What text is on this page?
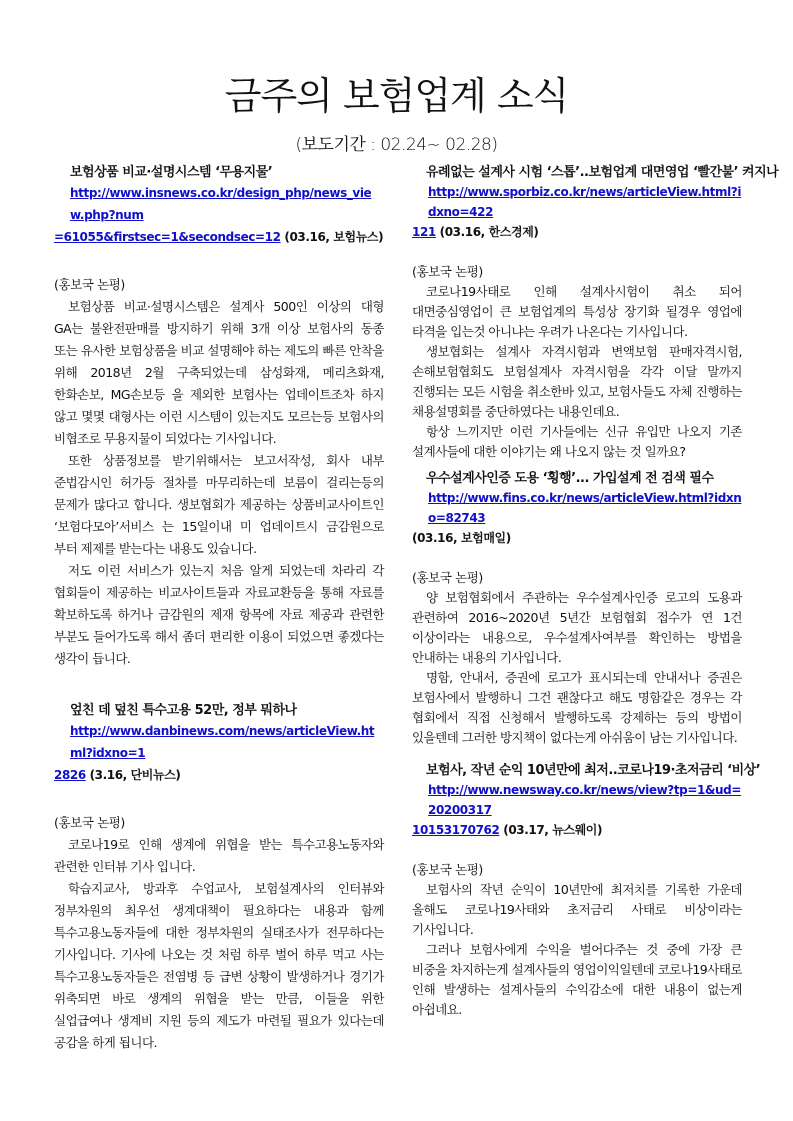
금주의 보험업계 소식
(보도기간 : 02.24~ 02.28)

보험상품 비교·설명시스템 ‘무용지물’

http://www.insnews.co.kr/design_php/news_view.php?num
=61055&firstsec=1&secondsec=12 (03.16, 보험뉴스)

(홍보국 논평)

보험상품 비교·설명시스템은 설계사 500인 이상의 대형 GA는 불완전판매를 방지하기 위해 3개 이상 보험사의 동종 또는 유사한 보험상품을 비교 설명해야 하는 제도의 빠른 안착을 위해 2018년 2월 구축되었는데 삼성화재, 메리츠화재, 한화손보, MG손보등 을 제외한 보험사는 업데이트조차 하지 않고 몇몇 대형사는 이런 시스템이 있는지도 모르는등 보험사의 비협조로 무용지물이 되었다는 기사입니다.

또한 상품정보를 받기위해서는 보고서작성, 회사 내부 준법감시인 허가등 절차를 마무리하는데 보름이 걸리는등의 문제가 많다고 합니다. 생보협회가 제공하는 상품비교사이트인 ‘보험다모아’서비스 는 15일이내 미 업데이트시 금감원으로 부터 제제를 받는다는 내용도 있습니다.

저도 이런 서비스가 있는지 처음 알게 되었는데 차라리 각 협회들이 제공하는 비교사이트들과 자료교환등을 통해 자료를 확보하도록 하거나 금감원의 제재 항목에 자료 제공과 관련한 부분도 들어가도록 해서 좀더 편리한 이용이 되었으면 좋겠다는 생각이 듭니다.

엎친 데 덮친 특수고용 52만, 정부 뭐하나

http://www.danbinews.com/news/articleView.html?idxno=1
2826 (3.16, 단비뉴스)

(홍보국 논평)

코로나19로 인해 생계에 위협을 받는 특수고용노동자와 관련한 인터뷰 기사 입니다.

학습지교사, 방과후 수업교사, 보험설계사의 인터뷰와 정부차원의 최우선 생계대책이 필요하다는 내용과 함께 특수고용노동자들에 대한 정부차원의 실태조사가 전무하다는 기사입니다. 기사에 나오는 것 처럼 하루 벌어 하루 먹고 사는 특수고용노동자들은 전염병 등 급변 상황이 발생하거나 경기가 위축되면 바로 생계의 위협을 받는 만큼, 이들을 위한 실업급여나 생계비 지원 등의 제도가 마련될 필요가 있다는데 공감을 하게 됩니다.

유례없는 설계사 시험 ‘스톱’..보험업계 대면영업 ‘빨간불’ 켜지나

http://www.sporbiz.co.kr/news/articleView.html?idxno=422
121 (03.16, 한스경제)

(홍보국 논평)

코로나19사태로 인해 설계사시험이 취소 되어 대면중심영업이 큰 보험업계의 특성상 장기화 될경우 영업에 타격을 입는것 아니냐는 우려가 나온다는 기사입니다.

생보협회는 설계사 자격시험과 변액보험 판매자격시험, 손해보험협회도 보험설계사 자격시험을 각각 이달 말까지 진행되는 모든 시험을 취소한바 있고, 보험사들도 자체 진행하는 채용설명회를 중단하였다는 내용인데요.

항상 느끼지만 이런 기사들에는 신규 유입만 나오지 기존 설계사들에 대한 이야기는 왜 나오지 않는 것 일까요?

우수설계사인증 도용 ‘횡행’... 가입설계 전 검색 필수

http://www.fins.co.kr/news/articleView.html?idxno=82743
(03.16, 보험매일)

(홍보국 논평)

양 보험협회에서 주관하는 우수설계사인증 로고의 도용과 관련하여 2016~2020년 5년간 보험협회 접수가 연 1건 이상이라는 내용으로, 우수설계사여부를 확인하는 방법을 안내하는 내용의 기사입니다.

명함, 안내서, 증권에 로고가 표시되는데 안내서나 증권은 보험사에서 발행하니 그건 괜찮다고 해도 명함같은 경우는 각 협회에서 직접 신청해서 발행하도록 강제하는 등의 방법이 있을텐데 그러한 방지책이 없다는게 아쉬움이 남는 기사입니다.

보험사, 작년 순익 10년만에 최저..코로나19·초저금리 ‘비상’

http://www.newsway.co.kr/news/view?tp=1&ud=20200317
10153170762 (03.17, 뉴스웨이)

(홍보국 논평)

보험사의 작년 순익이 10년만에 최저치를 기록한 가운데 올해도 코로나19사태와 초저금리 사태로 비상이라는 기사입니다.

그러나 보험사에게 수익을 벌어다주는 것 중에 가장 큰 비중을 차지하는게 설계사들의 영업이익일텐데 코로나19사태로 인해 발생하는 설계사들의 수익감소에 대한 내용이 없는게 아쉽네요.
